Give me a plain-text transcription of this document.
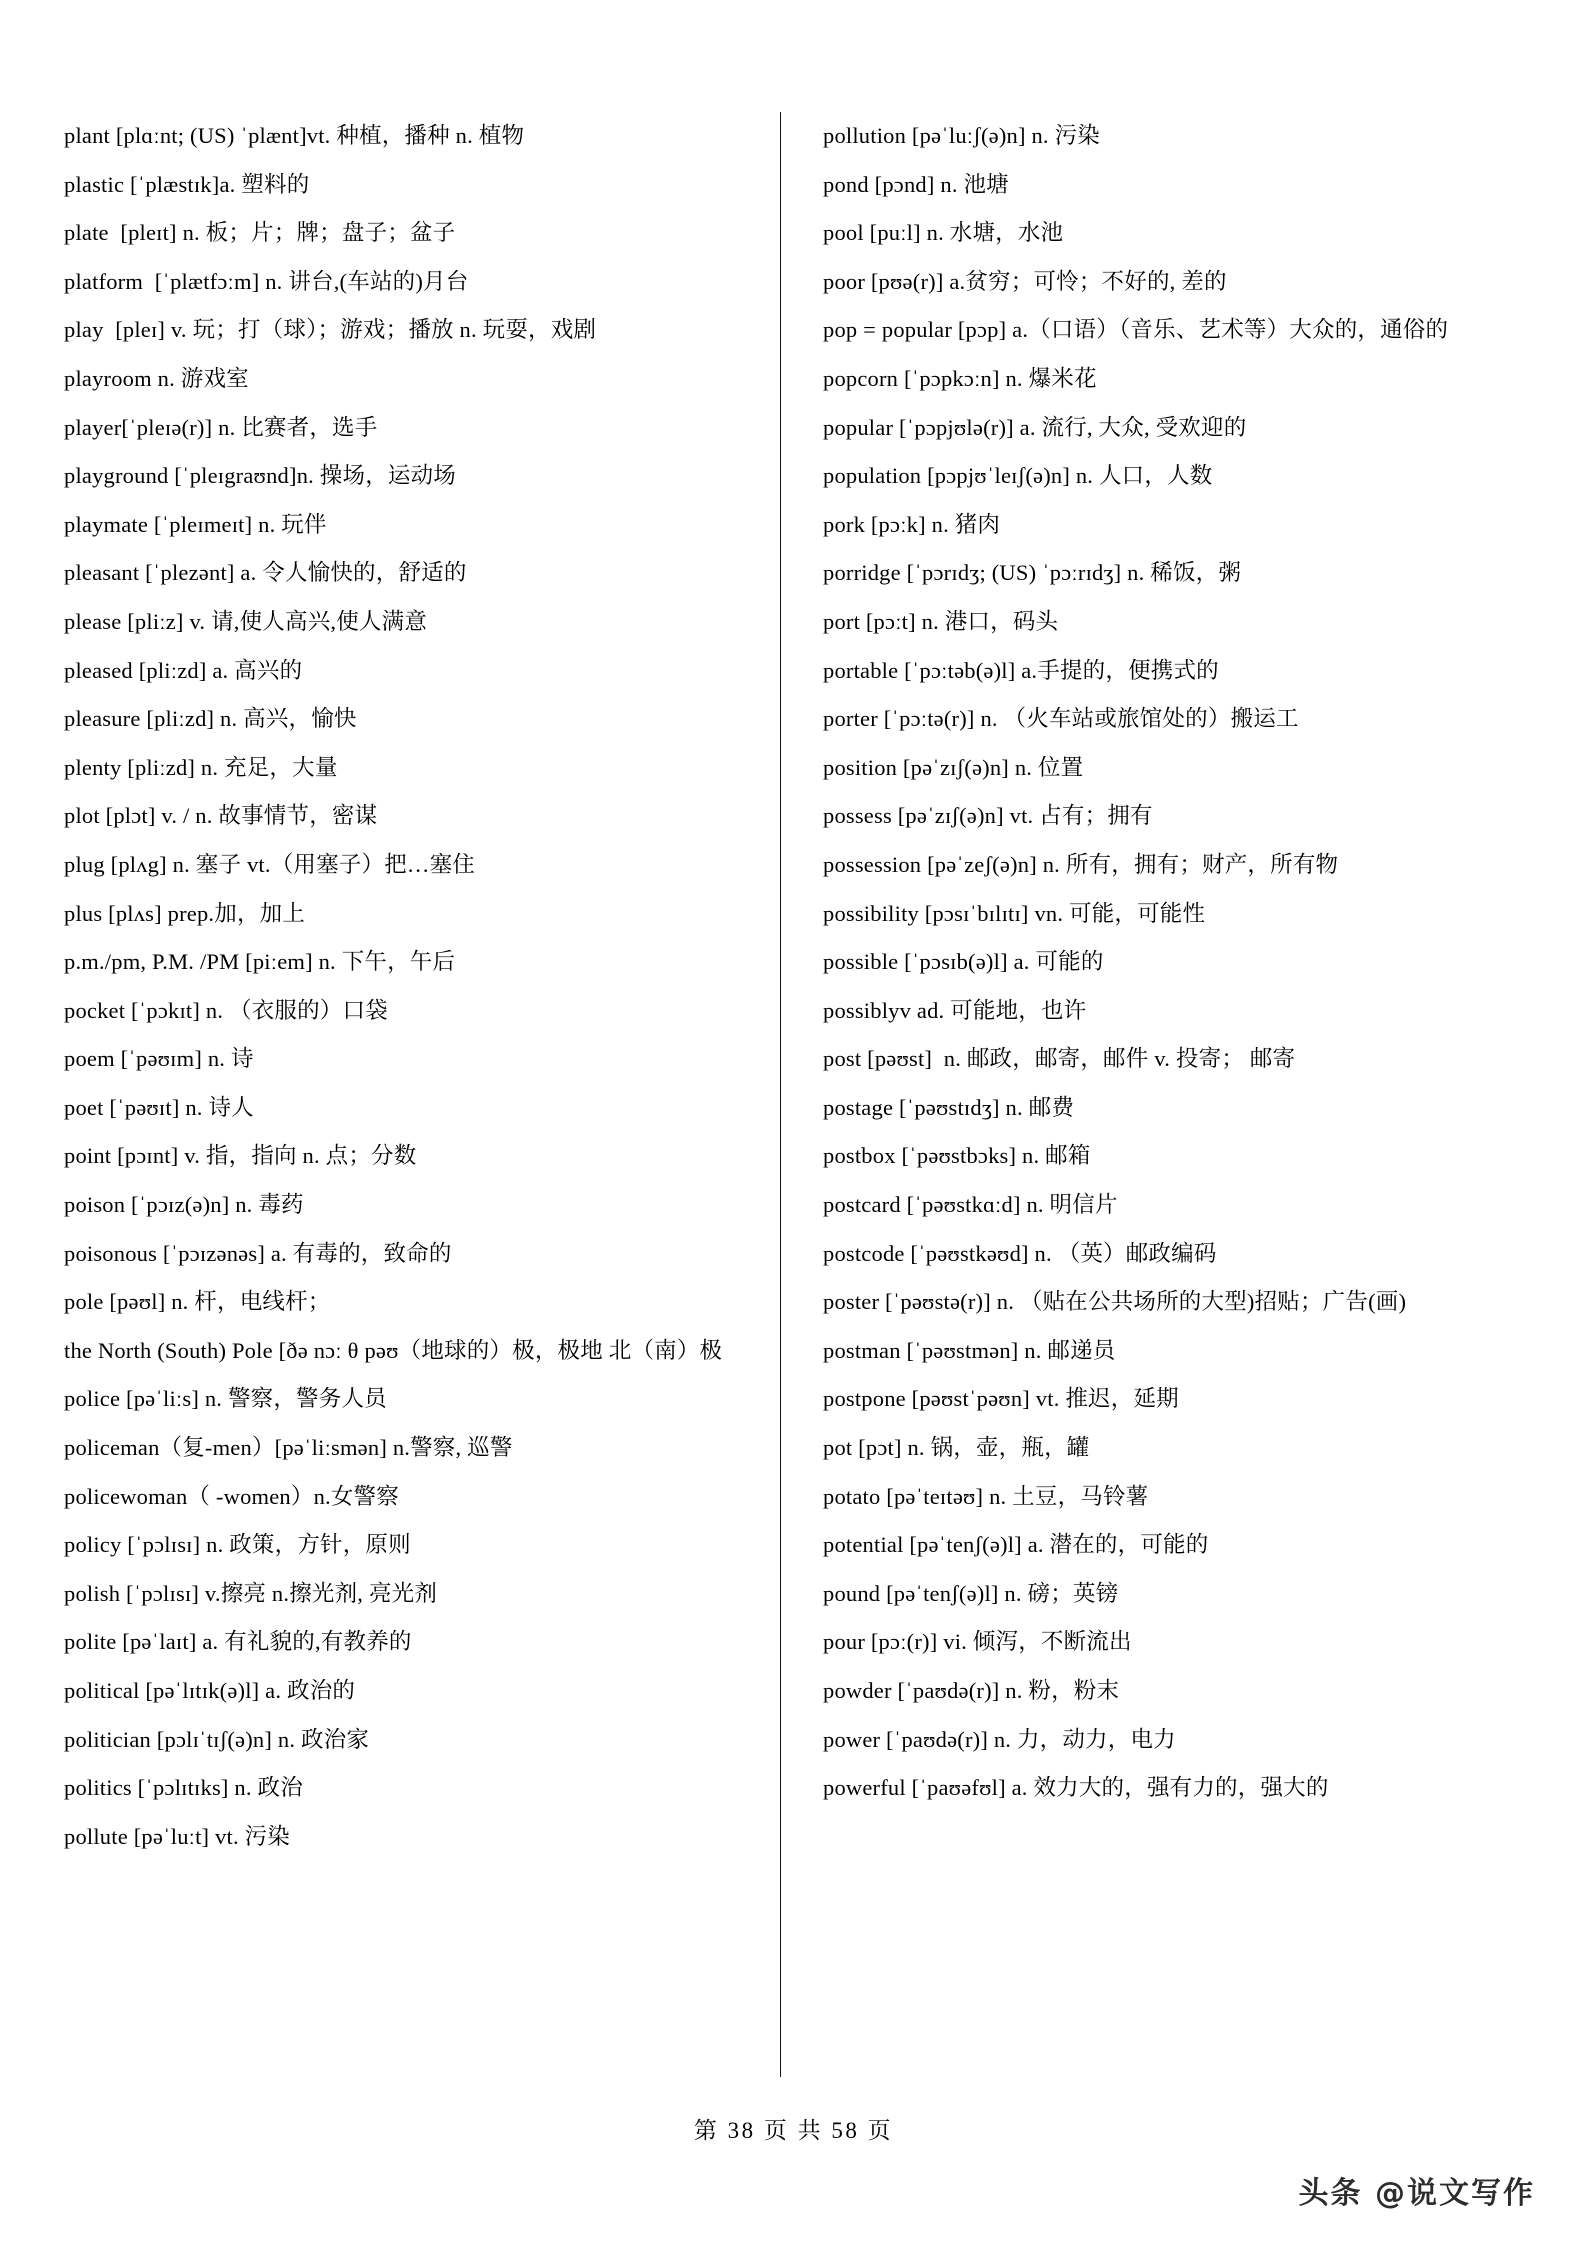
plant [plɑːnt; (US) ˈplænt]vt. 种植，播种 n. 植物

plastic [ˈplæstɪk]a. 塑料的

plate  [pleɪt] n. 板；片；牌；盘子；盆子

platform  [ˈplætfɔːm] n. 讲台,(车站的)月台

play  [pleɪ] v. 玩；打（球）；游戏；播放 n. 玩耍，戏剧

playroom n. 游戏室

player[ˈpleɪə(r)] n. 比赛者，选手

playground [ˈpleɪgraʊnd]n. 操场，运动场

playmate [ˈpleɪmeɪt] n. 玩伴

pleasant [ˈplezənt] a. 令人愉快的，舒适的

please [pliːz] v. 请,使人高兴,使人满意

pleased [pliːzd] a. 高兴的

pleasure [pliːzd] n. 高兴，愉快

plenty [pliːzd] n. 充足，大量

plot [plɔt] v. / n. 故事情节，密谋

plug [plʌg] n. 塞子 vt.（用塞子）把…塞住

plus [plʌs] prep.加，加上

p.m./pm, P.M. /PM [piːem] n. 下午，午后

pocket [ˈpɔkɪt] n. （衣服的）口袋

poem [ˈpəʊɪm] n. 诗

poet [ˈpəʊɪt] n. 诗人

point [pɔɪnt] v. 指，指向 n. 点；分数

poison [ˈpɔɪz(ə)n] n. 毒药

poisonous [ˈpɔɪzənəs] a. 有毒的，致命的

pole [pəʊl] n. 杆，电线杆；

the North (South) Pole [ðə nɔː θ pəʊ（地球的）极，极地 北（南）极

police [pəˈliːs] n. 警察，警务人员

policeman（复-men）[pəˈliːsmən] n.警察, 巡警

policewoman（ -women）n.女警察

policy [ˈpɔlɪsɪ] n. 政策，方针，原则

polish [ˈpɔlɪsɪ] v.擦亮 n.擦光剂, 亮光剂

polite [pəˈlaɪt] a. 有礼貌的,有教养的

political [pəˈlɪtɪk(ə)l] a. 政治的

politician [pɔlɪˈtɪʃ(ə)n] n. 政治家

politics [ˈpɔlɪtɪks] n. 政治

pollute [pəˈluːt] vt. 污染

pollution [pəˈluːʃ(ə)n] n. 污染

pond [pɔnd] n. 池塘

pool [puːl] n. 水塘，水池

poor [pʊə(r)] a.贫穷；可怜；不好的, 差的

pop = popular [pɔp] a.（口语）（音乐、艺术等）大众的，通俗的

popcorn [ˈpɔpkɔːn] n. 爆米花

popular [ˈpɔpjʊlə(r)] a. 流行, 大众, 受欢迎的

population [pɔpjʊˈleɪʃ(ə)n] n. 人口，人数

pork [pɔːk] n. 猪肉

porridge [ˈpɔrɪdʒ; (US) ˈpɔːrɪdʒ] n. 稀饭，粥

port [pɔːt] n. 港口，码头

portable [ˈpɔːtəb(ə)l] a.手提的，便携式的

porter [ˈpɔːtə(r)] n. （火车站或旅馆处的）搬运工

position [pəˈzɪʃ(ə)n] n. 位置

possess [pəˈzɪʃ(ə)n] vt. 占有；拥有

possession [pəˈzeʃ(ə)n] n. 所有，拥有；财产，所有物

possibility [pɔsɪˈbɪlɪtɪ] vn. 可能，可能性

possible [ˈpɔsɪb(ə)l] a. 可能的

possiblyv ad. 可能地，也许

post [pəʊst]  n. 邮政，邮寄，邮件 v. 投寄； 邮寄

postage [ˈpəʊstɪdʒ] n. 邮费

postbox [ˈpəʊstbɔks] n. 邮箱

postcard [ˈpəʊstkɑːd] n. 明信片

postcode [ˈpəʊstkəʊd] n. （英）邮政编码

poster [ˈpəʊstə(r)] n. （贴在公共场所的大型)招贴；广告(画)

postman [ˈpəʊstmən] n. 邮递员

postpone [pəʊstˈpəʊn] vt. 推迟，延期

pot [pɔt] n. 锅，壶，瓶，罐

potato [pəˈteɪtəʊ] n. 土豆，马铃薯

potential [pəˈtenʃ(ə)l] a. 潜在的，可能的

pound [pəˈtenʃ(ə)l] n. 磅；英镑

pour [pɔː(r)] vi. 倾泻，不断流出

powder [ˈpaʊdə(r)] n. 粉，粉末

power [ˈpaʊdə(r)] n. 力，动力，电力

powerful [ˈpaʊəfʊl] a. 效力大的，强有力的，强大的

第 38 页 共 58 页
头条 @说文写作
